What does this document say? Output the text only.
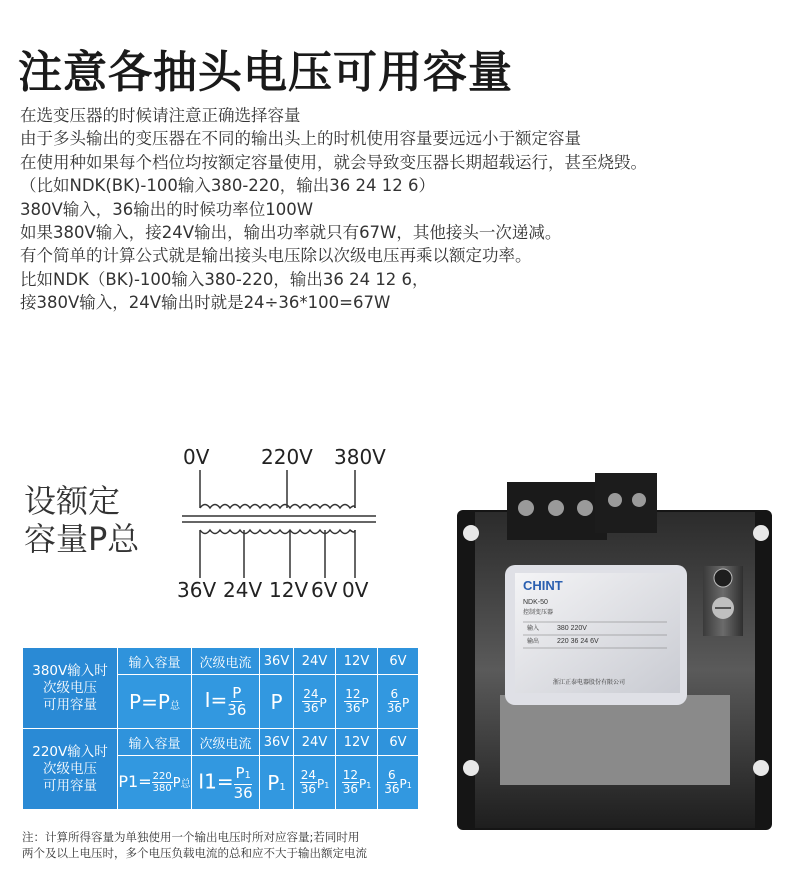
注意各抽头电压可用容量
在选变压器的时候请注意正确选择容量
由于多头输出的变压器在不同的输出头上的时机使用容量要远远小于额定容量
在使用种如果每个档位均按额定容量使用，就会导致变压器长期超载运行，甚至烧毁。
（比如NDK(BK)-100输入380-220，输出36 24 12 6）
380V输入，36输出的时候功率位100W
如果380V输入，接24V输出，输出功率就只有67W，其他接头一次递减。
有个简单的计算公式就是输出接头电压除以次级电压再乘以额定功率。
比如NDK（BK)-100输入380-220，输出36 24 12 6，
接380V输入，24V输出时就是24÷36*100=67W
设额定
容量P总
0V	220V 380V
36V 24V 12V 6V 0V
380V输入时
次级电压
可用容量	输入容量	次级电流	36V	24V	12V	6V
	P=P总	$I= \frac{P}{36}$	P	$\frac{24}{36}$ P	$\frac{12}{36}$ P	$\frac{6}{36}$ P

220V输入时
次级电压
可用容量	输入容量	次级电流	36V	24V	12V	6V
	$P1= \frac{220}{380}$ P总	$I1= \frac{P1}{36}$	P1	$\frac{24}{36} P1$	$\frac{12}{36} P1$	$\frac{6}{36} P1$
注：计算所得容量为单独使用一个输出电压时所对应容量;若同时用
两个及以上电压时，多个电压负载电流的总和应不大于输出额定电流
CHINT
NDK-50
控制变压器
输入	380 220V
输出	220 36 24 6V
浙江正泰电器股份有限公司
